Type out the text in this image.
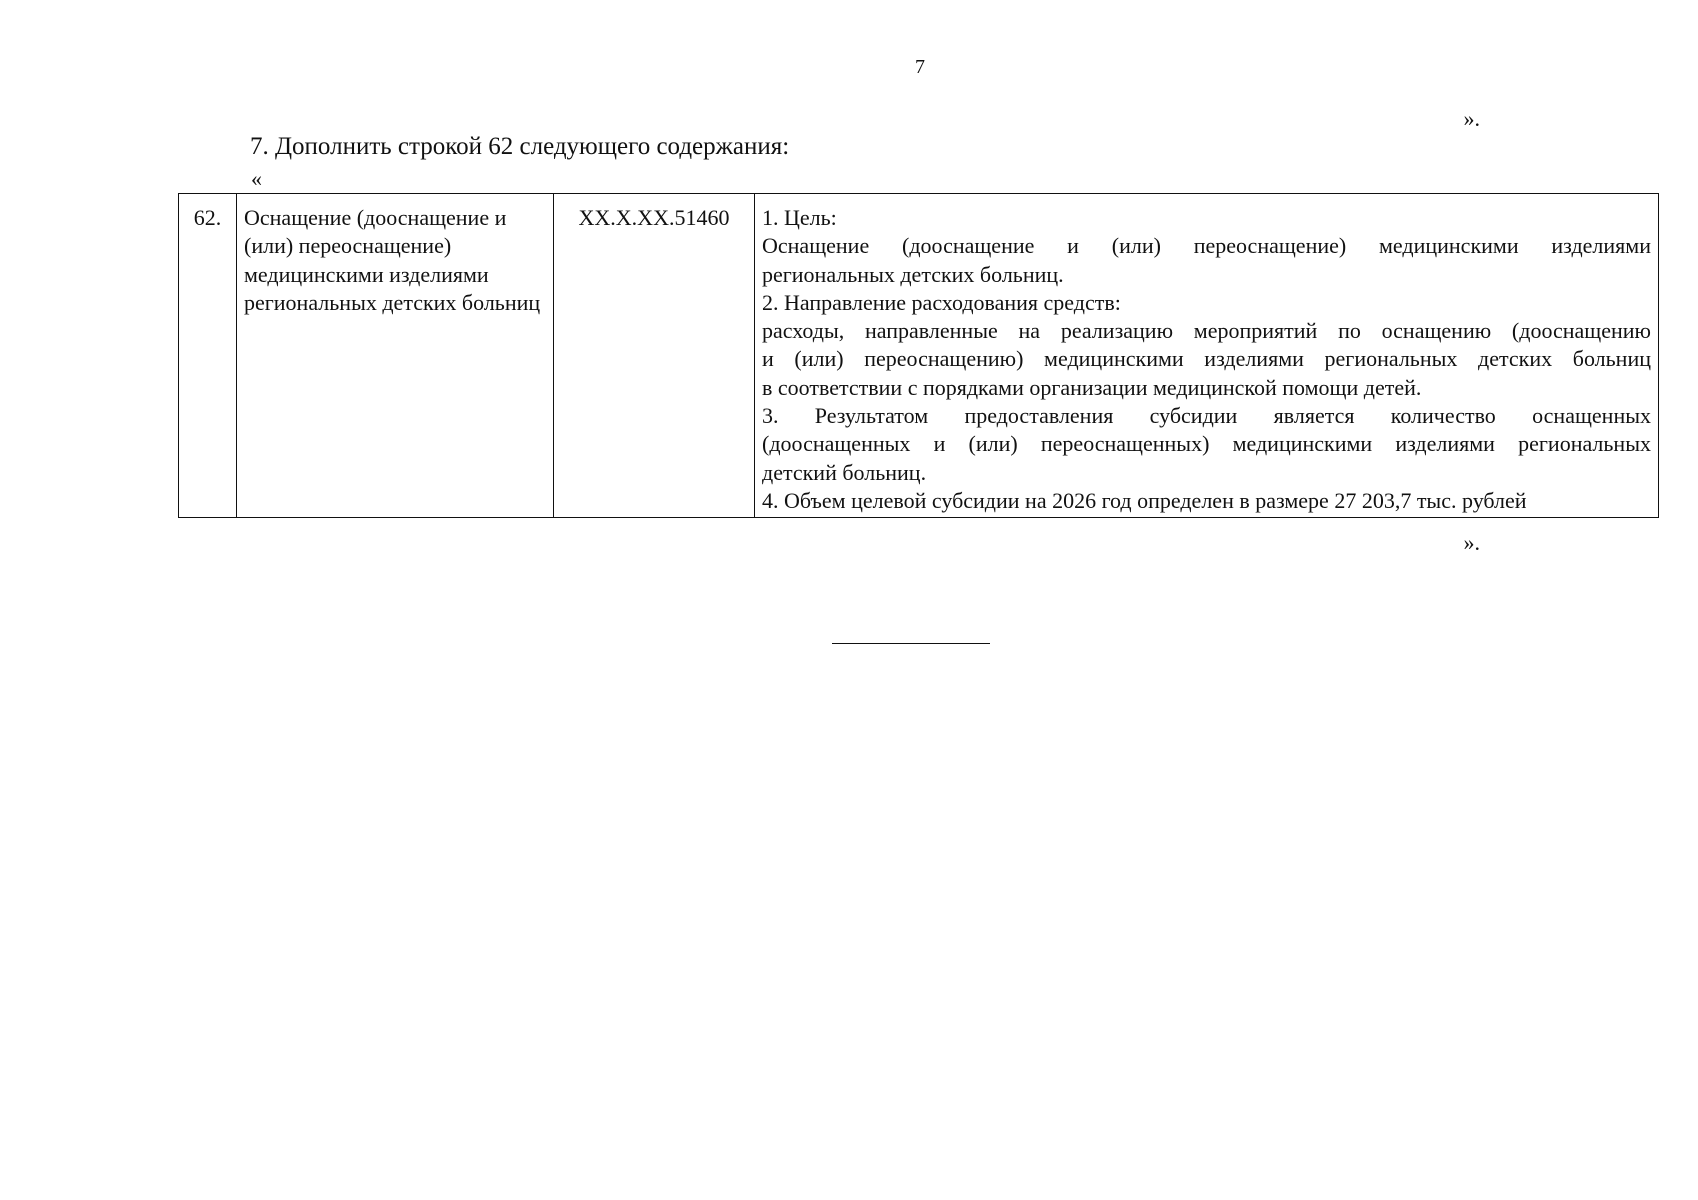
7
».
7. Дополнить строкой 62 следующего содержания:
«
62.	Оснащение (дооснащение и (или) переоснащение) медицинскими изделиями региональных детских больниц	XX.X.XX.51460	1. Цель:
Оснащение (дооснащение и (или) переоснащение) медицинскими изделиями
региональных детских больниц.
2. Направление расходования средств:
расходы, направленные на реализацию мероприятий по оснащению (дооснащению
и (или) переоснащению) медицинскими изделиями региональных детских больниц
в соответствии с порядками организации медицинской помощи детей.
3. Результатом предоставления субсидии является количество оснащенных
(дооснащенных и (или) переоснащенных) медицинскими изделиями региональных
детский больниц.
4. Объем целевой субсидии на 2026 год определен в размере 27 203,7 тыс. рублей
».
